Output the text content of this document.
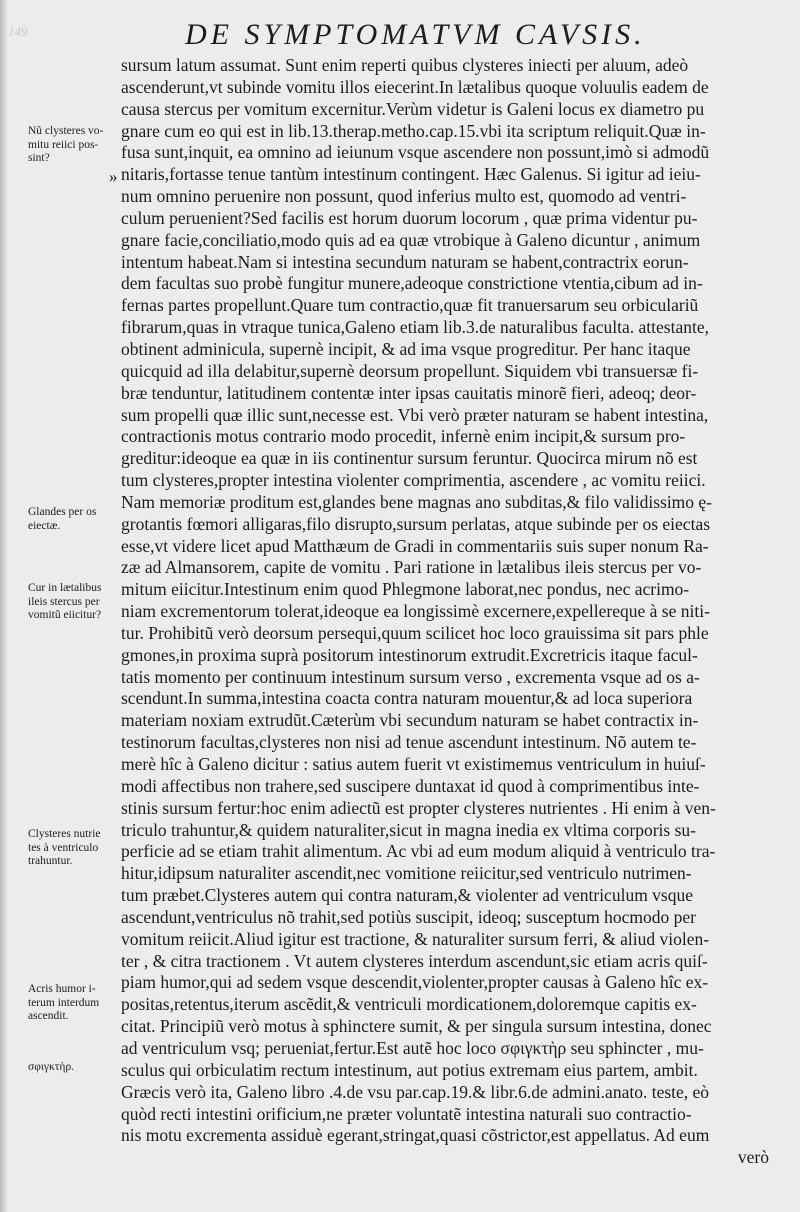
149	DE SYMPTOMATVM CAVSIS.
Nũ clysteres vo-
mitu reiici pos-
sint?
»
Glandes per os
eiectæ.
Cur in lætalibus
ileis stercus per
vomitũ eiicitur?
Clysteres nutrie
tes à ventriculo
trahuntur.
Acris humor i-
terum interdum
ascendit.
σφιγκτὴρ.
sursum latum assumat. Sunt enim reperti quibus clysteres iniecti per aluum, adeò
ascenderunt,vt subinde vomitu illos eiecerint.In lætalibus quoque voluulis eadem de
causa stercus per vomitum excernitur.Verùm videtur is Galeni locus ex diametro pu
gnare cum eo qui est in lib.13.therap.metho.cap.15.vbi ita scriptum reliquit.Quæ in-
fusa sunt,inquit, ea omnino ad ieiunum vsque ascendere non possunt,imò si admodũ
nitaris,fortasse tenue tantùm intestinum contingent. Hæc Galenus. Si igitur ad ieiu-
num omnino peruenire non possunt, quod inferius multo est, quomodo ad ventri-
culum peruenient?Sed facilis est horum duorum locorum , quæ prima videntur pu-
gnare facie,conciliatio,modo quis ad ea quæ vtrobique à Galeno dicuntur , animum
intentum habeat.Nam si intestina secundum naturam se habent,contractrix eorun-
dem facultas suo probè fungitur munere,adeoque constrictione vtentia,cibum ad in-
fernas partes propellunt.Quare tum contractio,quæ fit tranuersarum seu orbiculariũ
fibrarum,quas in vtraque tunica,Galeno etiam lib.3.de naturalibus faculta. attestante,
obtinent adminicula, supernè incipit, & ad ima vsque progreditur. Per hanc itaque
quicquid ad illa delabitur,supernè deorsum propellunt. Siquidem vbi transuersæ fi-
bræ tenduntur, latitudinem contentæ inter ipsas cauitatis minorẽ fieri, adeoq; deor-
sum propelli quæ illic sunt,necesse est. Vbi verò præter naturam se habent intestina,
contractionis motus contrario modo procedit, infernè enim incipit,& sursum pro-
greditur:ideoque ea quæ in iis continentur sursum feruntur. Quocirca mirum nõ est
tum clysteres,propter intestina violenter comprimentia, ascendere , ac vomitu reiici.
Nam memoriæ proditum est,glandes bene magnas ano subditas,& filo validissimo ę-
grotantis fœmori alligaras,filo disrupto,sursum perlatas, atque subinde per os eiectas
esse,vt videre licet apud Matthæum de Gradi in commentariis suis super nonum Ra-
zæ ad Almansorem, capite de vomitu . Pari ratione in lætalibus ileis stercus per vo-
mitum eiicitur.Intestinum enim quod Phlegmone laborat,nec pondus, nec acrimo-
niam excrementorum tolerat,ideoque ea longissimè excernere,expellereque à se niti-
tur. Prohibitũ verò deorsum persequi,quum scilicet hoc loco grauissima sit pars phle
gmones,in proxima suprà positorum intestinorum extrudit.Excretricis itaque facul-
tatis momento per continuum intestinum sursum verso , excrementa vsque ad os a-
scendunt.In summa,intestina coacta contra naturam mouentur,& ad loca superiora
materiam noxiam extrudũt.Cæterùm vbi secundum naturam se habet contractix in-
testinorum facultas,clysteres non nisi ad tenue ascendunt intestinum. Nõ autem te-
merè hîc à Galeno dicitur : satius autem fuerit vt existimemus ventriculum in huiuſ-
modi affectibus non trahere,sed suscipere duntaxat id quod à comprimentibus inte-
stinis sursum fertur:hoc enim adiectũ est propter clysteres nutrientes . Hi enim à ven-
triculo trahuntur,& quidem naturaliter,sicut in magna inedia ex vltima corporis su-
perficie ad se etiam trahit alimentum. Ac vbi ad eum modum aliquid à ventriculo tra-
hitur,idipsum naturaliter ascendit,nec vomitione reiicitur,sed ventriculo nutrimen-
tum præbet.Clysteres autem qui contra naturam,& violenter ad ventriculum vsque
ascendunt,ventriculus nõ trahit,sed potiùs suscipit, ideoq; susceptum hocmodo per
vomitum reiicit.Aliud igitur est tractione, & naturaliter sursum ferri, & aliud violen-
ter , & citra tractionem . Vt autem clysteres interdum ascendunt,sic etiam acris quiſ-
piam humor,qui ad sedem vsque descendit,violenter,propter causas à Galeno hîc ex-
positas,retentus,iterum ascẽdit,& ventriculi mordicationem,doloremque capitis ex-
citat. Principiũ verò motus à sphinctere sumit, & per singula sursum intestina, donec
ad ventriculum vsq; perueniat,fertur.Est autẽ hoc loco σφιγκτὴρ seu sphincter , mu-
sculus qui orbiculatim rectum intestinum, aut potius extremam eius partem, ambit.
Græcis verò ita, Galeno libro .4.de vsu par.cap.19.& libr.6.de admini.anato. teste, eò
quòd recti intestini orificium,ne præter voluntatẽ intestina naturali suo contractio-
nis motu excrementa assiduè egerant,stringat,quasi cõstrictor,est appellatus. Ad eum
verò
